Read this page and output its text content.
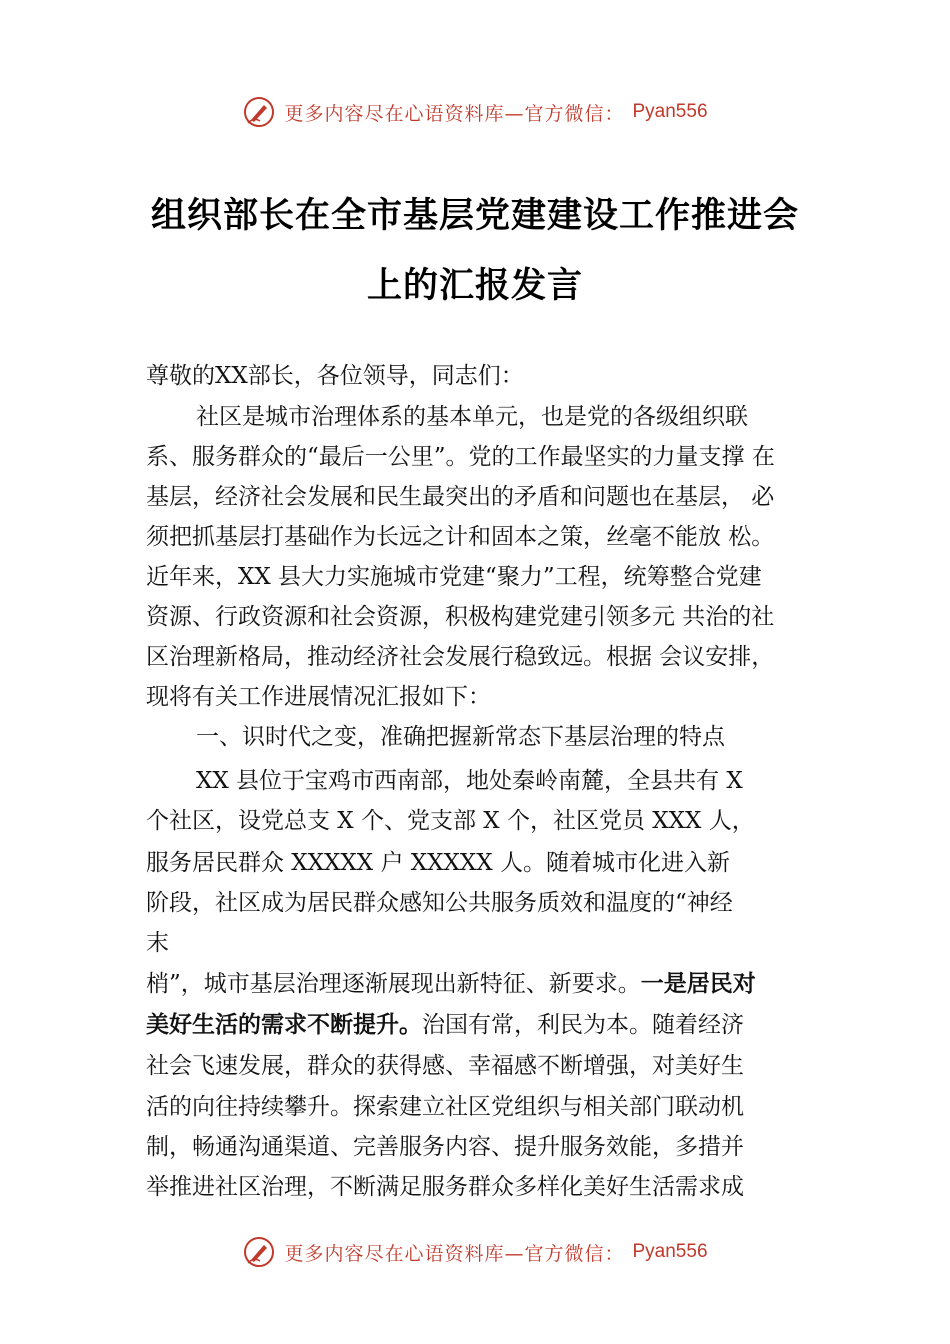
更多内容尽在心语资料库—官方微信： Pyan556
组织部长在全市基层党建建设工作推进会
上的汇报发言
尊敬的XX部长，各位领导，同志们：
社区是城市治理体系的基本单元，也是党的各级组织联
系、服务群众的“最后一公里”。党的工作最坚实的力量支撑 在
基层，经济社会发展和民生最突出的矛盾和问题也在基层， 必
须把抓基层打基础作为长远之计和固本之策，丝毫不能放 松。
近年来，XX 县大力实施城市党建“聚力”工程，统筹整合党建
资源、行政资源和社会资源，积极构建党建引领多元 共治的社
区治理新格局，推动经济社会发展行稳致远。根据 会议安排，
现将有关工作进展情况汇报如下：
一、识时代之变，准确把握新常态下基层治理的特点
XX 县位于宝鸡市西南部，地处秦岭南麓，全县共有 X
个社区，设党总支 X 个、党支部 X 个，社区党员 XXX 人，
服务居民群众 XXXXX 户 XXXXX 人。随着城市化进入新
阶段，社区成为居民群众感知公共服务质效和温度的“神经
末
梢”，城市基层治理逐渐展现出新特征、新要求。一是居民对
美好生活的需求不断提升。治国有常，利民为本。随着经济
社会飞速发展，群众的获得感、幸福感不断增强，对美好生
活的向往持续攀升。探索建立社区党组织与相关部门联动机
制，畅通沟通渠道、完善服务内容、提升服务效能，多措并
举推进社区治理，不断满足服务群众多样化美好生活需求成
更多内容尽在心语资料库—官方微信： Pyan556
